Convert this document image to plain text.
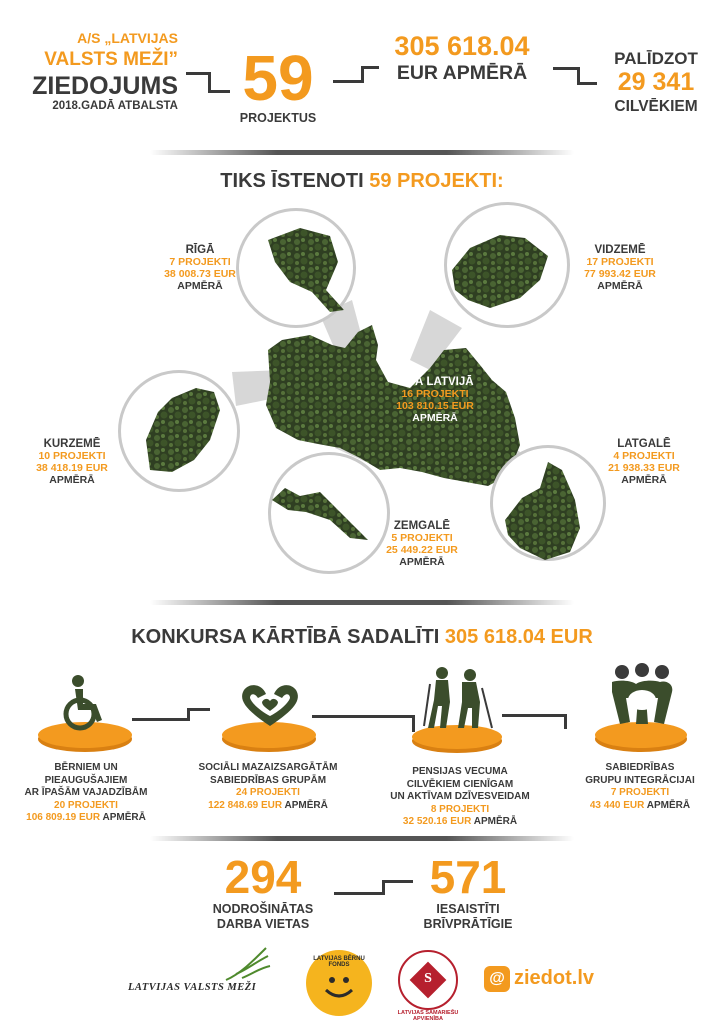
A/S „LATVIJAS
VALSTS MEŽI”
ZIEDOJUMS
2018.GADĀ ATBALSTA 59
PROJEKTUS
305 618.04
EUR APMĒRĀ
PALĪDZOT
29 341
CILVĒKIEM
TIKS ĪSTENOTI 59 PROJEKTI:
RĪGĀ
7 PROJEKTI
38 008.73 EUR
APMĒRĀ
VIDZEMĒ
17 PROJEKTI
77 993.42 EUR
APMĒRĀ
VISĀ LATVIJĀ
16 PROJEKTI
103 810.15 EUR APMĒRĀ
KURZEMĒ
10 PROJEKTI
38 418.19 EUR
APMĒRĀ
LATGALĒ
4 PROJEKTI
21 938.33 EUR
APMĒRĀ
ZEMGALĒ
5 PROJEKTI
25 449.22 EUR
APMĒRĀ
KONKURSA KĀRTĪBĀ SADALĪTI 305 618.04 EUR
BĒRNIEM UN
PIEAUGUŠAJIEM
AR ĪPAŠĀM VAJADZĪBĀM
20 PROJEKTI
106 809.19 EUR APMĒRĀ
SOCIĀLI MAZAIZSARGĀTĀM
SABIEDRĪBAS GRUPĀM
24 PROJEKTI
122 848.69 EUR APMĒRĀ
PENSIJAS VECUMA
CILVĒKIEM CIENĪGAM
UN AKTĪVAM DZĪVESVEIDAM
8 PROJEKTI
32 520.16 EUR APMĒRĀ
SABIEDRĪBAS
GRUPU INTEGRĀCIJAI
7 PROJEKTI
43 440 EUR APMĒRĀ
294
NODROŠINĀTAS
DARBA VIETAS
571
IESAISTĪTI
BRĪVPRĀTĪGIE
LATVIJAS VALSTS MEŽI
LATVIJAS BĒRNU FONDS
S
LATVIJAS SAMARIEŠU APVIENĪBA
@ ziedot.lv
